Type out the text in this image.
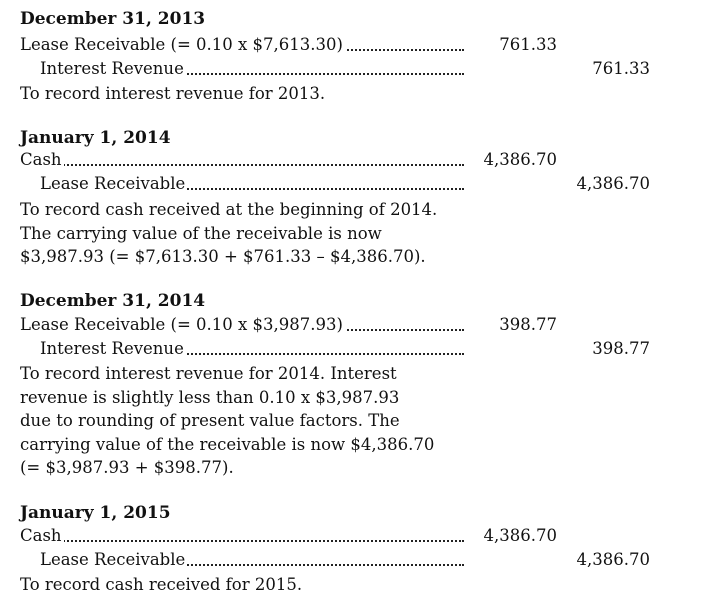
December 31, 2013
Lease Receivable (= 0.10 x $7,613.30)	761.33
Interest Revenue	761.33
To record interest revenue for 2013.
January 1, 2014
Cash	4,386.70
Lease Receivable	4,386.70
To record cash received at the beginning of 2014.
The carrying value of the receivable is now
$3,987.93 (= $7,613.30 + $761.33 – $4,386.70).
December 31, 2014
Lease Receivable (= 0.10 x $3,987.93)	398.77
Interest Revenue	398.77
To record interest revenue for 2014. Interest
revenue is slightly less than 0.10 x $3,987.93
due to rounding of present value factors. The
carrying value of the receivable is now $4,386.70
(= $3,987.93 + $398.77).
January 1, 2015
Cash	4,386.70
Lease Receivable	4,386.70
To record cash received for 2015.
